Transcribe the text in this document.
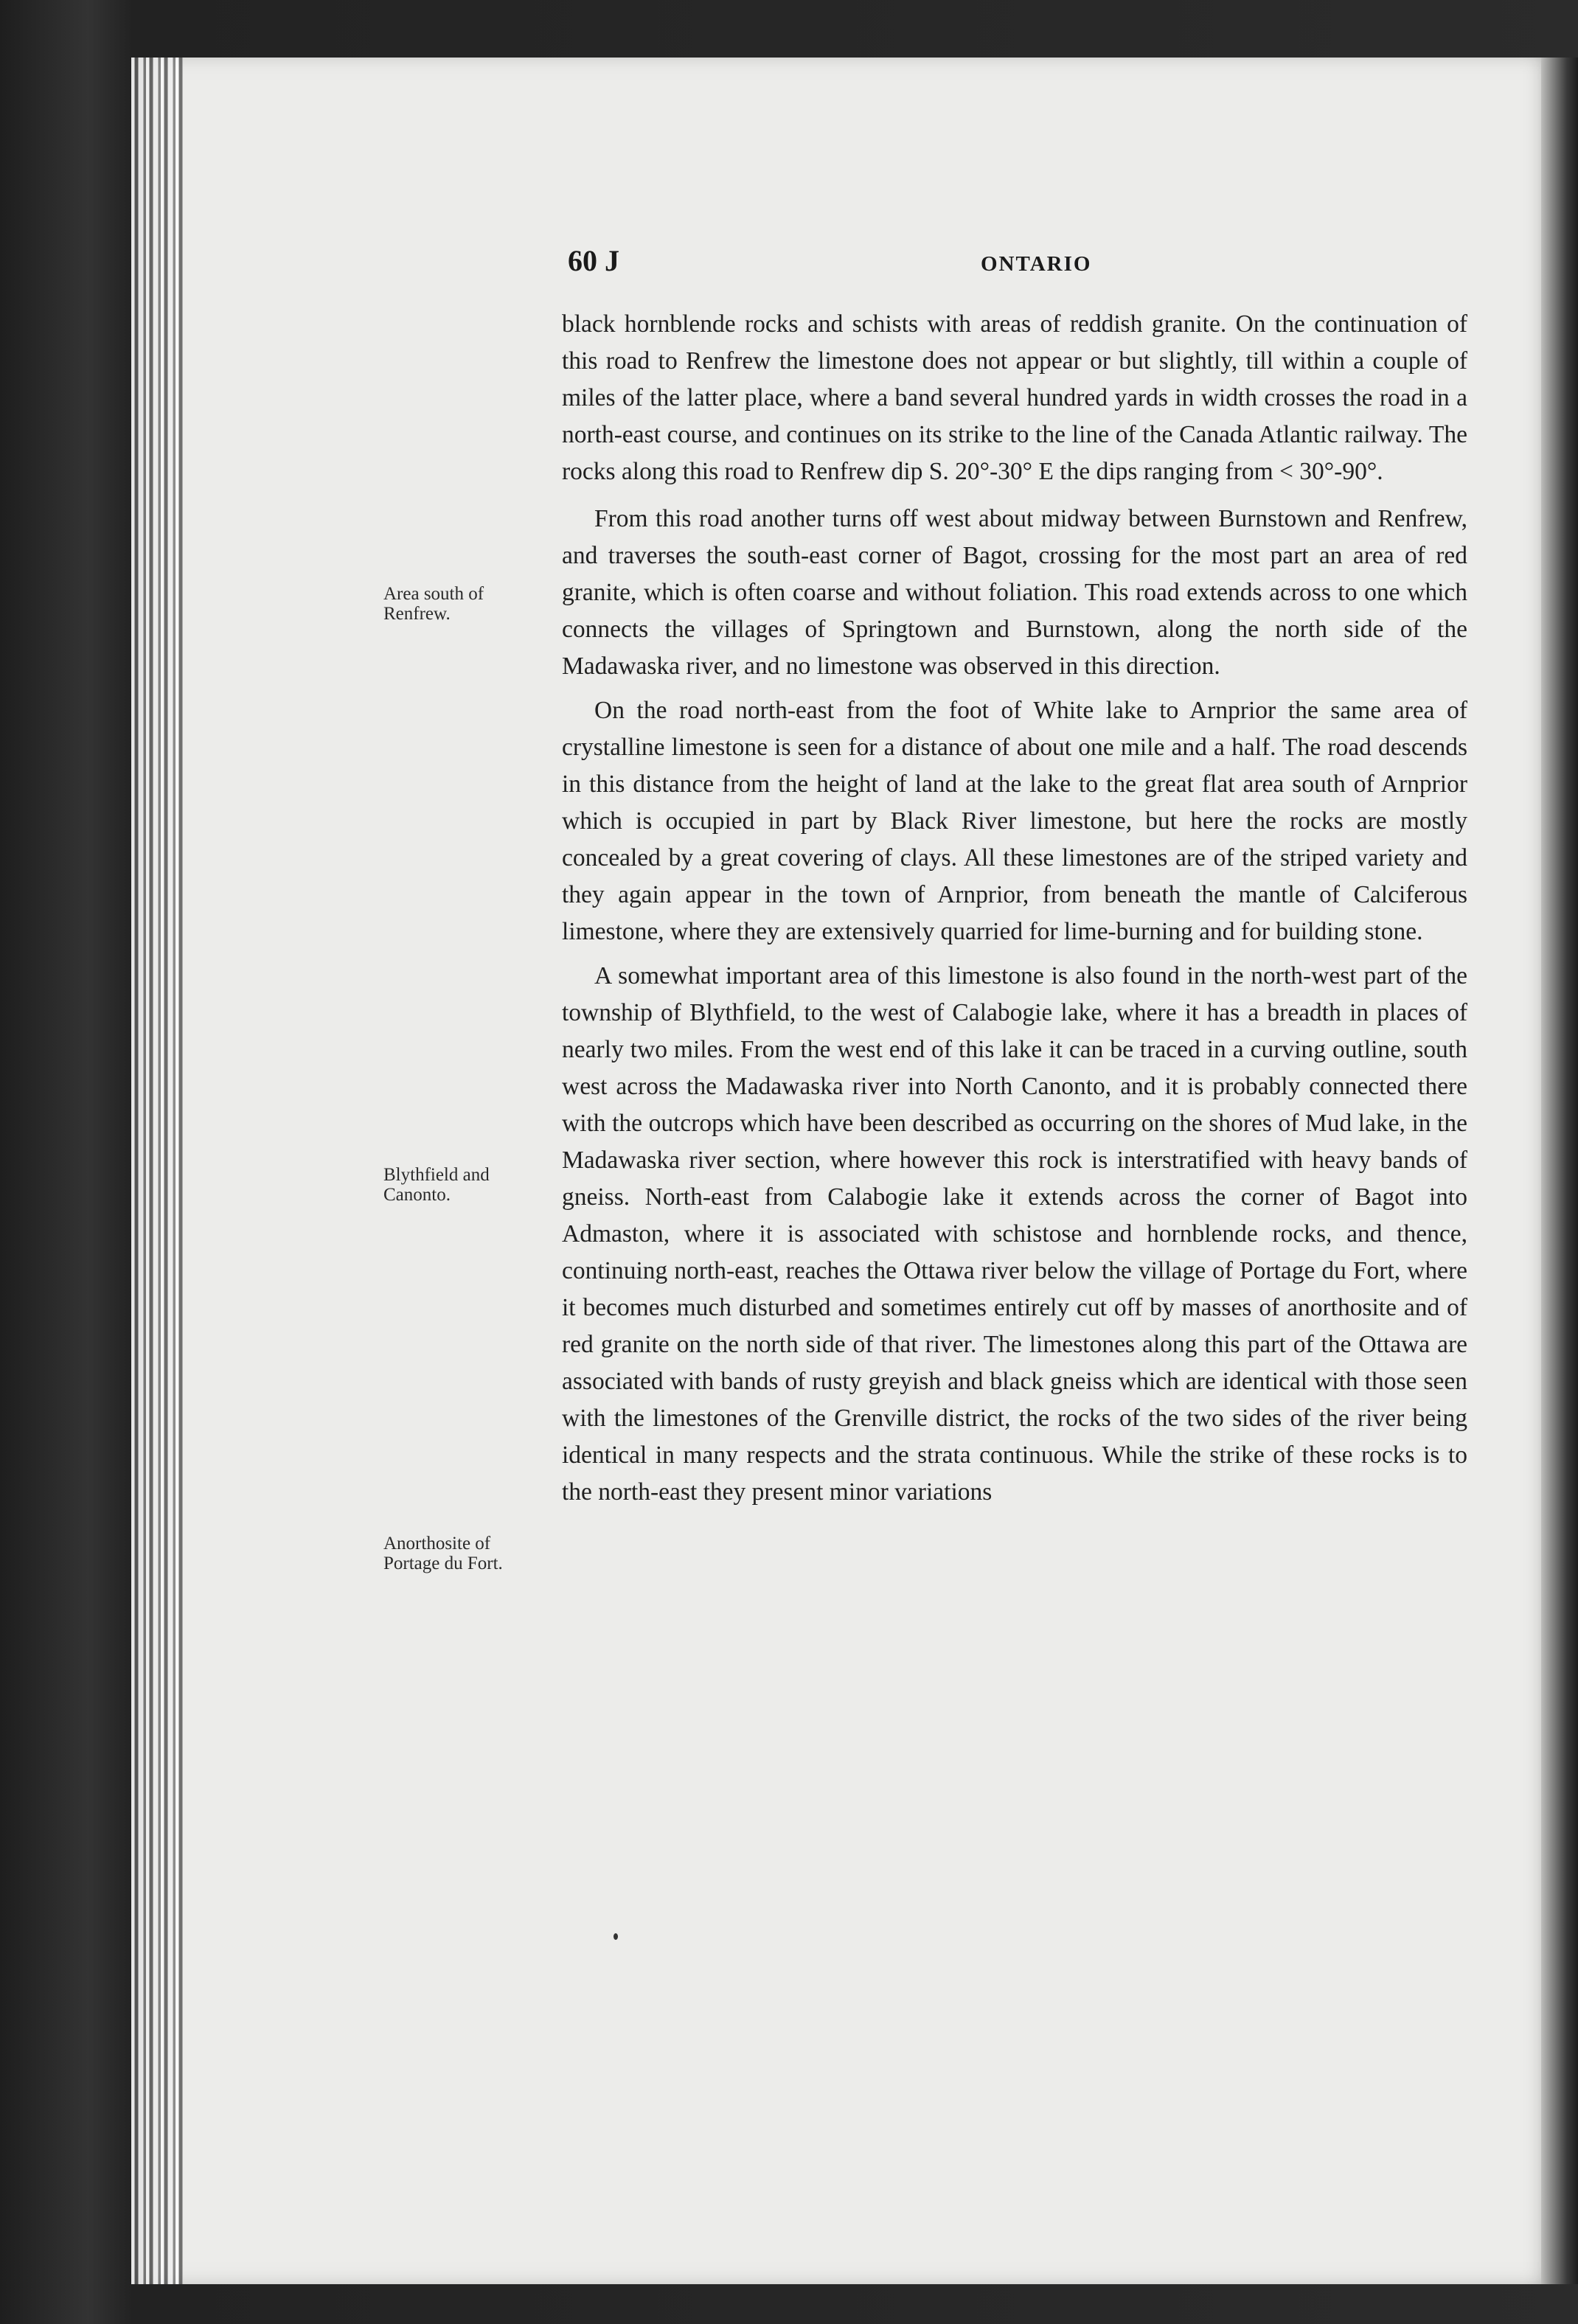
60 J	ONTARIO
Area south of Renfrew.
Blythfield and Canonto.
Anorthosite of Portage du Fort.

black hornblende rocks and schists with areas of reddish granite. On the continuation of this road to Renfrew the limestone does not appear or but slightly, till within a couple of miles of the latter place, where a band several hundred yards in width crosses the road in a north-east course, and continues on its strike to the line of the Canada Atlantic railway. The rocks along this road to Renfrew dip S. 20°-30° E the dips ranging from < 30°-90°.

From this road another turns off west about midway between Burnstown and Renfrew, and traverses the south-east corner of Bagot, crossing for the most part an area of red granite, which is often coarse and without foliation. This road extends across to one which connects the villages of Springtown and Burnstown, along the north side of the Madawaska river, and no limestone was observed in this direction.

On the road north-east from the foot of White lake to Arnprior the same area of crystalline limestone is seen for a distance of about one mile and a half. The road descends in this distance from the height of land at the lake to the great flat area south of Arnprior which is occupied in part by Black River limestone, but here the rocks are mostly concealed by a great covering of clays. All these limestones are of the striped variety and they again appear in the town of Arnprior, from beneath the mantle of Calciferous limestone, where they are extensively quarried for lime-burning and for building stone.

A somewhat important area of this limestone is also found in the north-west part of the township of Blythfield, to the west of Calabogie lake, where it has a breadth in places of nearly two miles. From the west end of this lake it can be traced in a curving outline, south west across the Madawaska river into North Canonto, and it is probably connected there with the outcrops which have been described as occurring on the shores of Mud lake, in the Madawaska river section, where however this rock is interstratified with heavy bands of gneiss. North-east from Calabogie lake it extends across the corner of Bagot into Admaston, where it is associated with schistose and hornblende rocks, and thence, continuing north-east, reaches the Ottawa river below the village of Portage du Fort, where it becomes much disturbed and sometimes entirely cut off by masses of anorthosite and of red granite on the north side of that river. The limestones along this part of the Ottawa are associated with bands of rusty greyish and black gneiss which are identical with those seen with the limestones of the Grenville district, the rocks of the two sides of the river being identical in many respects and the strata continuous. While the strike of these rocks is to the north-east they present minor variations
